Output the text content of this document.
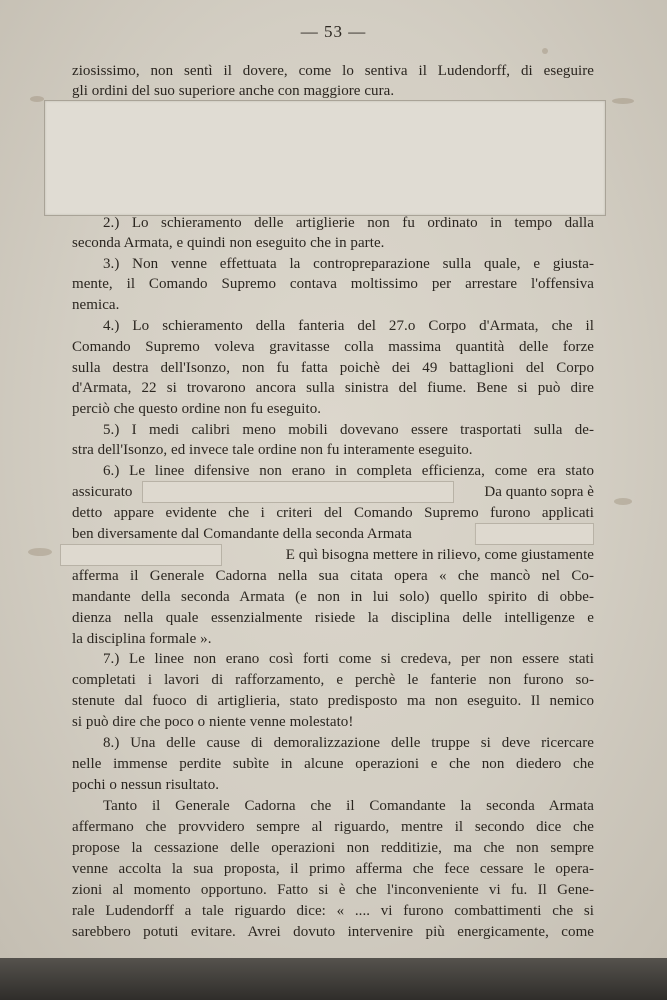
— 53 —
ziosissimo, non sentì il dovere, come lo sentiva il Ludendorff, di eseguire
gli ordini del suo superiore anche con maggiore cura.
2.) Lo schieramento delle artiglierie non fu ordinato in tempo dalla
seconda Armata, e quindi non eseguito che in parte.
3.) Non venne effettuata la contropreparazione sulla quale, e giusta-
mente, il Comando Supremo contava moltissimo per arrestare l'offensiva
nemica.
4.) Lo schieramento della fanteria del 27.o Corpo d'Armata, che il
Comando Supremo voleva gravitasse colla massima quantità delle forze
sulla destra dell'Isonzo, non fu fatta poichè dei 49 battaglioni del Corpo
d'Armata, 22 si trovarono ancora sulla sinistra del fiume. Bene si può dire
perciò che questo ordine non fu eseguito.
5.) I medi calibri meno mobili dovevano essere trasportati sulla de-
stra dell'Isonzo, ed invece tale ordine non fu interamente eseguito.
6.) Le linee difensive non erano in completa efficienza, come era stato
assicurato	Da quanto sopra è
detto appare evidente che i criteri del Comando Supremo furono applicati
ben diversamente dal Comandante della seconda Armata
E quì bisogna mettere in rilievo, come giustamente
afferma il Generale Cadorna nella sua citata opera « che mancò nel Co-
mandante della seconda Armata (e non in lui solo) quello spirito di obbe-
dienza nella quale essenzialmente risiede la disciplina delle intelligenze e
la disciplina formale ».
7.) Le linee non erano così forti come si credeva, per non essere stati
completati i lavori di rafforzamento, e perchè le fanterie non furono so-
stenute dal fuoco di artiglieria, stato predisposto ma non eseguito. Il nemico
si può dire che poco o niente venne molestato!
8.) Una delle cause di demoralizzazione delle truppe si deve ricercare
nelle immense perdite subìte in alcune operazioni e che non diedero che
pochi o nessun risultato.
Tanto il Generale Cadorna che il Comandante la seconda Armata
affermano che provvidero sempre al riguardo, mentre il secondo dice che
propose la cessazione delle operazioni non redditizie, ma che non sempre
venne accolta la sua proposta, il primo afferma che fece cessare le opera-
zioni al momento opportuno. Fatto si è che l'inconveniente vi fu. Il Gene-
rale Ludendorff a tale riguardo dice: « .... vi furono combattimenti che si
sarebbero potuti evitare. Avrei dovuto intervenire più energicamente, come
